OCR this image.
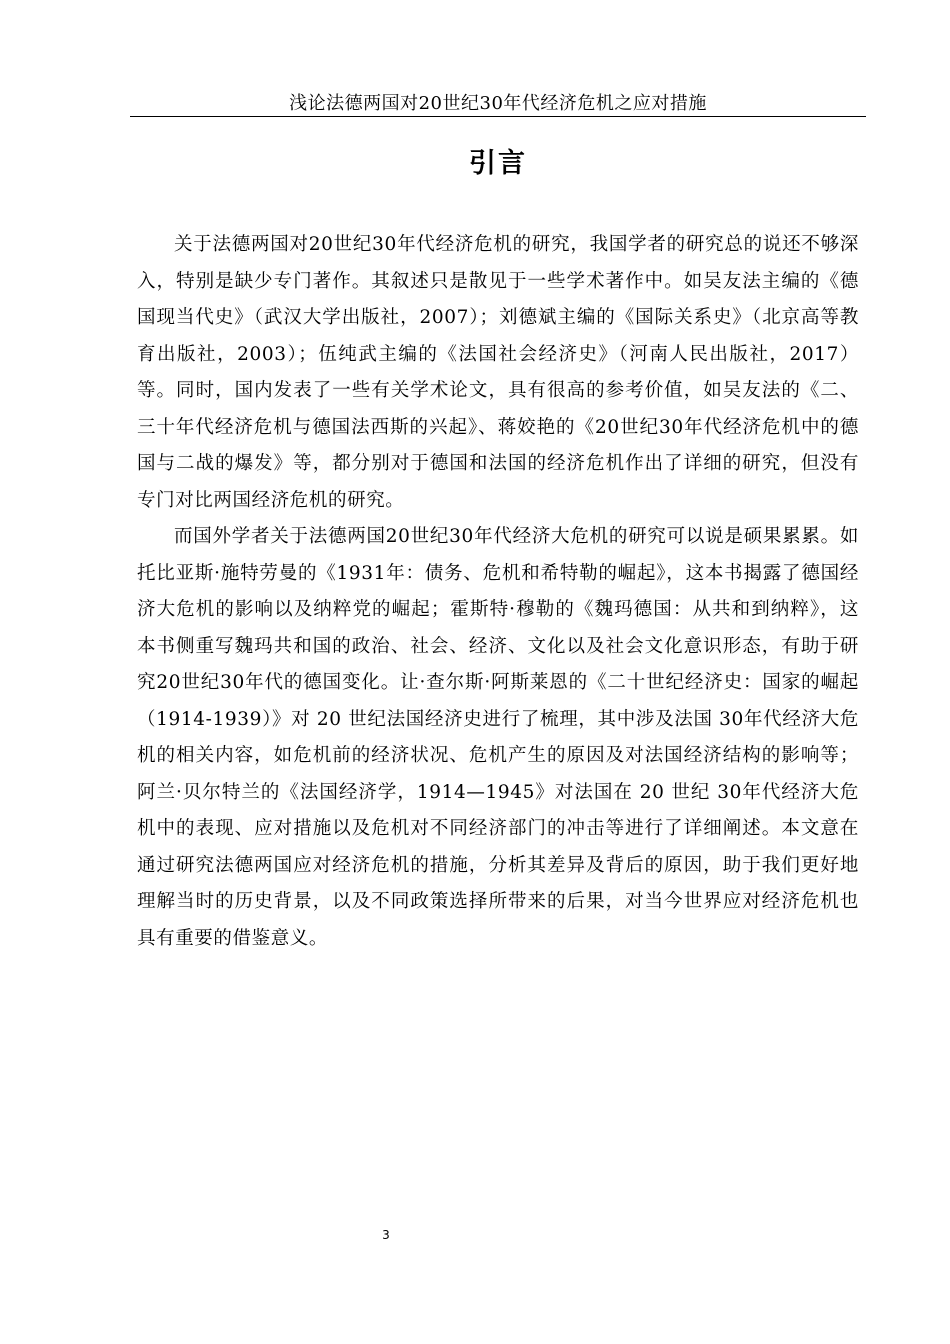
浅论法德两国对20世纪30年代经济危机之应对措施
引言

关于法德两国对20世纪30年代经济危机的研究，我国学者的研究总的说还不够深入，特别是缺少专门著作。其叙述只是散见于一些学术著作中。如吴友法主编的《德国现当代史》（武汉大学出版社，2007）；刘德斌主编的《国际关系史》（北京高等教育出版社，2003）；伍纯武主编的《法国社会经济史》（河南人民出版社，2017）等。同时，国内发表了一些有关学术论文，具有很高的参考价值，如吴友法的《二、三十年代经济危机与德国法西斯的兴起》、蒋姣艳的《20世纪30年代经济危机中的德国与二战的爆发》等，都分别对于德国和法国的经济危机作出了详细的研究，但没有专门对比两国经济危机的研究。

而国外学者关于法德两国20世纪30年代经济大危机的研究可以说是硕果累累。如托比亚斯·施特劳曼的《1931年：债务、危机和希特勒的崛起》，这本书揭露了德国经济大危机的影响以及纳粹党的崛起；霍斯特·穆勒的《魏玛德国：从共和到纳粹》，这本书侧重写魏玛共和国的政治、社会、经济、文化以及社会文化意识形态，有助于研究20世纪30年代的德国变化。让·查尔斯·阿斯莱恩的《二十世纪经济史：国家的崛起 （1914-1939）》对 20 世纪法国经济史进行了梳理，其中涉及法国 30年代经济大危机的相关内容，如危机前的经济状况、危机产生的原因及对法国经济结构的影响等；阿兰·贝尔特兰的《法国经济学，1914—1945》对法国在 20 世纪 30年代经济大危机中的表现、应对措施以及危机对不同经济部门的冲击等进行了详细阐述。本文意在通过研究法德两国应对经济危机的措施，分析其差异及背后的原因，助于我们更好地理解当时的历史背景，以及不同政策选择所带来的后果，对当今世界应对经济危机也具有重要的借鉴意义。

3
